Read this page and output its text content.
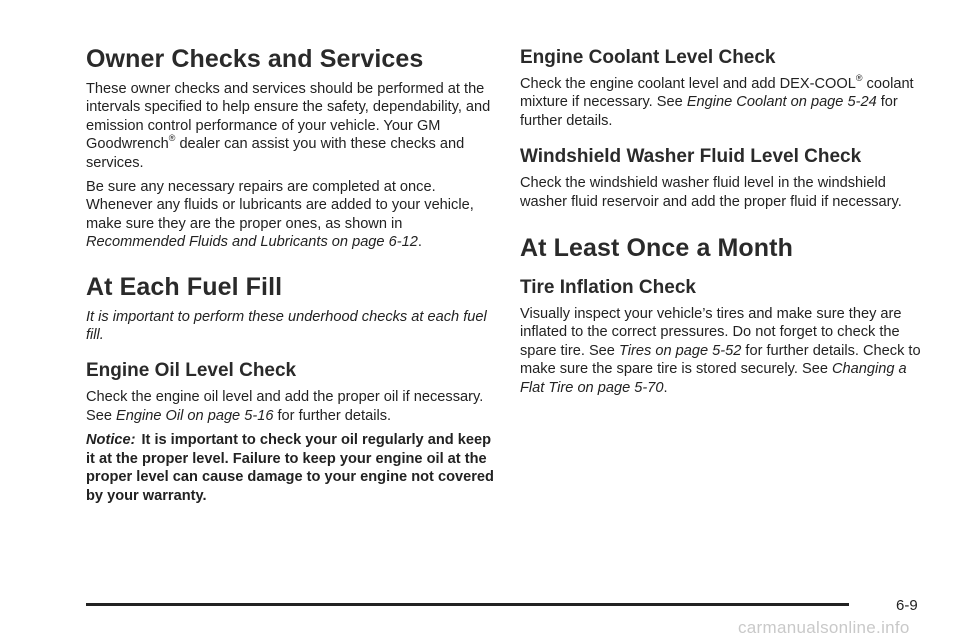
Owner Checks and Services

These owner checks and services should be performed at the intervals specified to help ensure the safety, dependability, and emission control performance of your vehicle. Your GM Goodwrench® dealer can assist you with these checks and services.

Be sure any necessary repairs are completed at once. Whenever any fluids or lubricants are added to your vehicle, make sure they are the proper ones, as shown in Recommended Fluids and Lubricants on page 6-12.

At Each Fuel Fill

It is important to perform these underhood checks at each fuel fill.

Engine Oil Level Check

Check the engine oil level and add the proper oil if necessary. See Engine Oil on page 5-16 for further details.

Notice: It is important to check your oil regularly and keep it at the proper level. Failure to keep your engine oil at the proper level can cause damage to your engine not covered by your warranty.

Engine Coolant Level Check

Check the engine coolant level and add DEX-COOL® coolant mixture if necessary. See Engine Coolant on page 5-24 for further details.

Windshield Washer Fluid Level Check

Check the windshield washer fluid level in the windshield washer fluid reservoir and add the proper fluid if necessary.

At Least Once a Month
Tire Inflation Check

Visually inspect your vehicle’s tires and make sure they are inflated to the correct pressures. Do not forget to check the spare tire. See Tires on page 5-52 for further details. Check to make sure the spare tire is stored securely. See Changing a Flat Tire on page 5-70.

6-9
carmanualsonline.info
